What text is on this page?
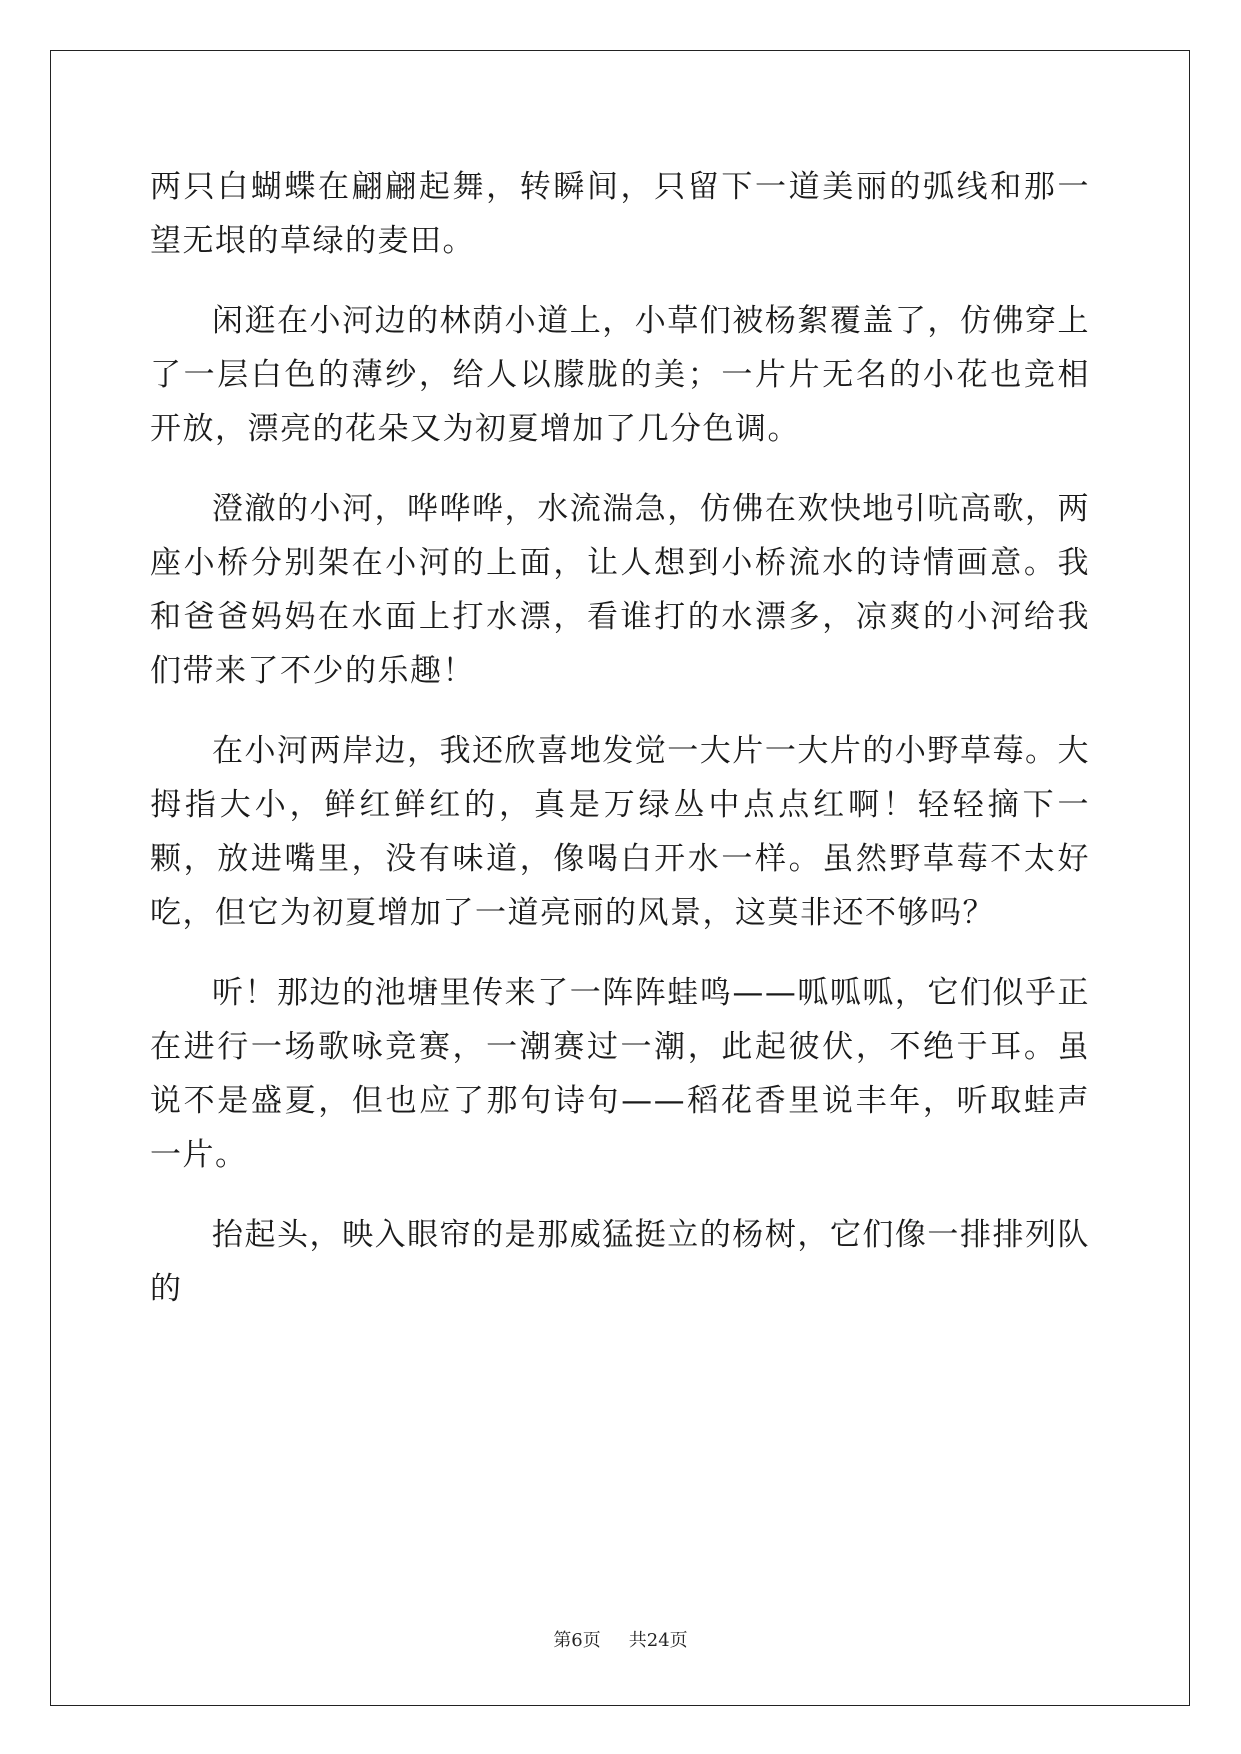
两只白蝴蝶在翩翩起舞，转瞬间，只留下一道美丽的弧线和那一望无垠的草绿的麦田。

闲逛在小河边的林荫小道上，小草们被杨絮覆盖了，仿佛穿上了一层白色的薄纱，给人以朦胧的美；一片片无名的小花也竞相开放，漂亮的花朵又为初夏增加了几分色调。

澄澈的小河，哗哗哗，水流湍急，仿佛在欢快地引吭高歌，两座小桥分别架在小河的上面，让人想到小桥流水的诗情画意。我和爸爸妈妈在水面上打水漂，看谁打的水漂多，凉爽的小河给我们带来了不少的乐趣！

在小河两岸边，我还欣喜地发觉一大片一大片的小野草莓。大拇指大小，鲜红鲜红的，真是万绿丛中点点红啊！轻轻摘下一颗，放进嘴里，没有味道，像喝白开水一样。虽然野草莓不太好吃，但它为初夏增加了一道亮丽的风景，这莫非还不够吗？

听！那边的池塘里传来了一阵阵蛙鸣——呱呱呱，它们似乎正在进行一场歌咏竞赛，一潮赛过一潮，此起彼伏，不绝于耳。虽说不是盛夏，但也应了那句诗句——稻花香里说丰年，听取蛙声一片。

抬起头，映入眼帘的是那威猛挺立的杨树，它们像一排排列队的

第6页 共24页
